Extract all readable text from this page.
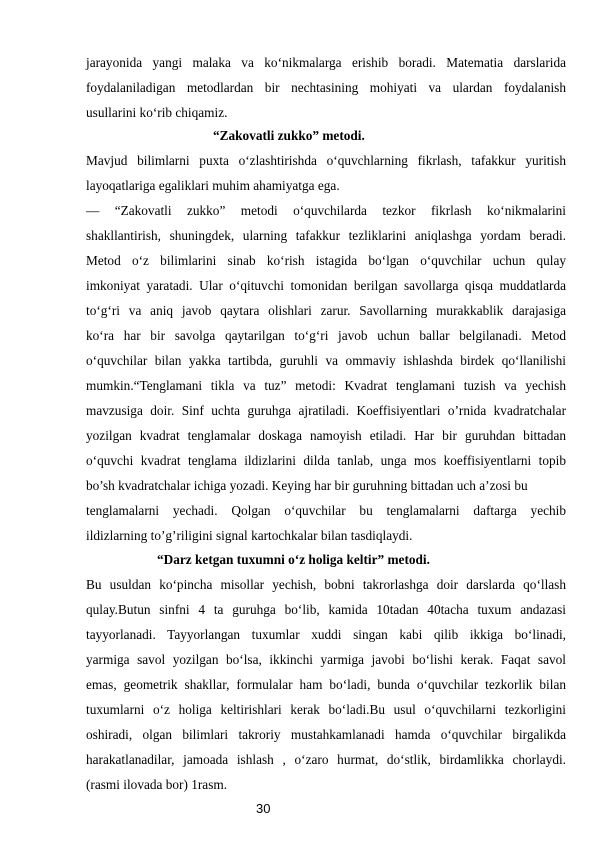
jarayonida yangi malaka va ko‘nikmalarga erishib boradi. Matematia darslarida
foydalaniladigan metodlardan bir nechtasining mohiyati va ulardan foydalanish
usullarini ko‘rib chiqamiz.
“Zakovatli zukko” metodi.
Mavjud bilimlarni puxta o‘zlashtirishda o‘quvchlarning fikrlash, tafakkur yuritish
layoqatlariga egaliklari muhim ahamiyatga ega.
— “Zakovatli zukko” metodi o‘quvchilarda tezkor fikrlash ko‘nikmalarini
shakllantirish, shuningdek, ularning tafakkur tezliklarini aniqlashga yordam beradi.
Metod o‘z bilimlarini sinab ko‘rish istagida bo‘lgan o‘quvchilar uchun qulay
imkoniyat yaratadi. Ular o‘qituvchi tomonidan berilgan savollarga qisqa muddatlarda
to‘g‘ri va aniq javob qaytara olishlari zarur. Savollarning murakkablik darajasiga
ko‘ra har bir savolga qaytarilgan to‘g‘ri javob uchun ballar belgilanadi. Metod
o‘quvchilar bilan yakka tartibda, guruhli va ommaviy ishlashda birdek qo‘llanilishi
mumkin.“Tenglamani tikla va tuz” metodi: Kvadrat tenglamani tuzish va yechish
mavzusiga doir. Sinf uchta guruhga ajratiladi. Koeffisiyentlari o’rnida kvadratchalar
yozilgan kvadrat tenglamalar doskaga namoyish etiladi. Har bir guruhdan bittadan
o‘quvchi kvadrat tenglama ildizlarini dilda tanlab, unga mos koeffisiyentlarni topib
bo’sh kvadratchalar ichiga yozadi. Keying har bir guruhning bittadan uch a’zosi bu
tenglamalarni yechadi. Qolgan o‘quvchilar bu tenglamalarni daftarga yechib
ildizlarning to’g’riligini signal kartochkalar bilan tasdiqlaydi.
“Darz ketgan tuxumni o‘z holiga keltir” metodi.
Bu usuldan ko‘pincha misollar yechish, bobni takrorlashga doir darslarda qo‘llash
qulay.Butun sinfni 4 ta guruhga bo‘lib, kamida 10tadan 40tacha tuxum andazasi
tayyorlanadi. Tayyorlangan tuxumlar xuddi singan kabi qilib ikkiga bo‘linadi,
yarmiga savol yozilgan bo‘lsa, ikkinchi yarmiga javobi bo‘lishi kerak. Faqat savol
emas, geometrik shakllar, formulalar ham bo‘ladi, bunda o‘quvchilar tezkorlik bilan
tuxumlarni o‘z holiga keltirishlari kerak bo‘ladi.Bu usul o‘quvchilarni tezkorligini
oshiradi, olgan bilimlari takroriy mustahkamlanadi hamda o‘quvchilar birgalikda
harakatlanadilar, jamoada ishlash , o‘zaro hurmat, do‘stlik, birdamlikka chorlaydi.
(rasmi ilovada bor) 1rasm.
30
